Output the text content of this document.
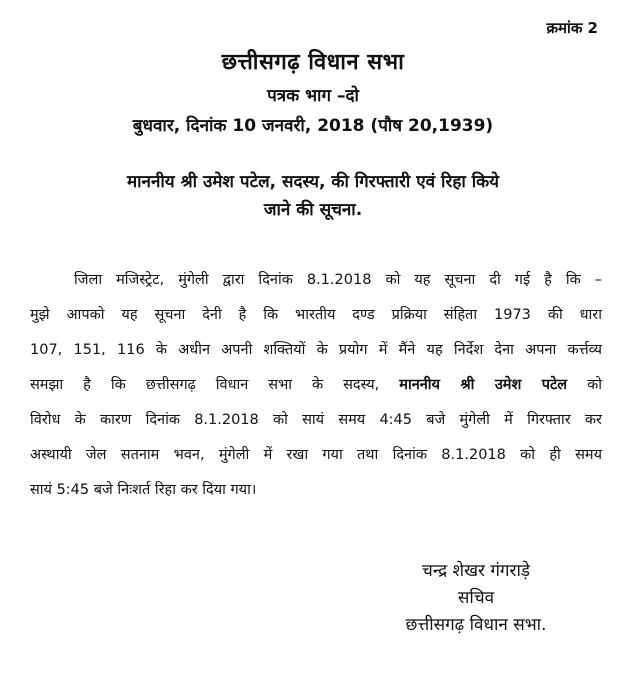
क्रमांक 2
छत्तीसगढ़ विधान सभा
पत्रक भाग –दो
बुधवार, दिनांक 10 जनवरी, 2018 (पौष 20,1939)
माननीय श्री उमेश पटेल, सदस्य, की गिरफ्तारी एवं रिहा किये
जाने की सूचना.
जिला मजिस्ट्रेट, मुंगेली द्वारा दिनांक 8.1.2018 को यह सूचना दी गई है कि –
मुझे आपको यह सूचना देनी है कि भारतीय दण्ड प्रक्रिया संहिता 1973 की धारा
107, 151, 116 के अधीन अपनी शक्तियों के प्रयोग में मैंने यह निर्देश देना अपना कर्त्तव्य
समझा है कि छत्तीसगढ़ विधान सभा के सदस्य, माननीय श्री उमेश पटेल को
विरोध के कारण दिनांक 8.1.2018 को सायं समय 4:45 बजे मुंगेली में गिरफ्तार कर
अस्थायी जेल सतनाम भवन, मुंगेली में रखा गया तथा दिनांक 8.1.2018 को ही समय
सायं 5:45 बजे निःशर्त रिहा कर दिया गया।
चन्द्र शेखर गंगराड़े
सचिव
छत्तीसगढ़ विधान सभा.
